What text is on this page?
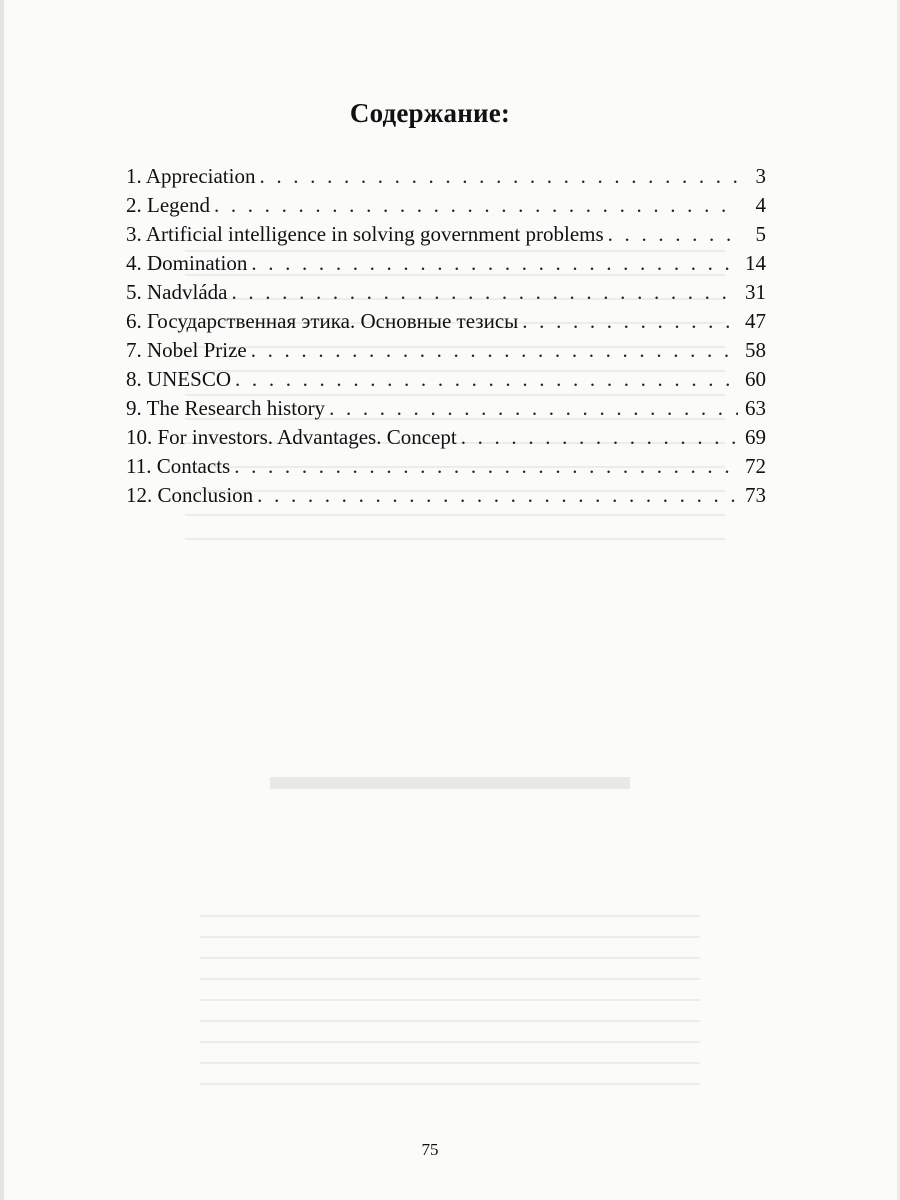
▬▬▬▬▬▬▬▬▬
Содержание:
1. Appreciation . . .	3
2. Legend . . .	4
3. Artificial intelligence in solving government problems . . .	5
4. Domination . . .	14
5. Nadvláda . . .	31
6. Государственная этика. Основные тезисы . . .	47
7. Nobel Prize . . .	58
8. UNESCO . . .	60
9. The Research history . . .	63
10. For investors. Advantages. Concept . . .	69
11. Contacts . . .	72
12. Conclusion . . .	73
75
